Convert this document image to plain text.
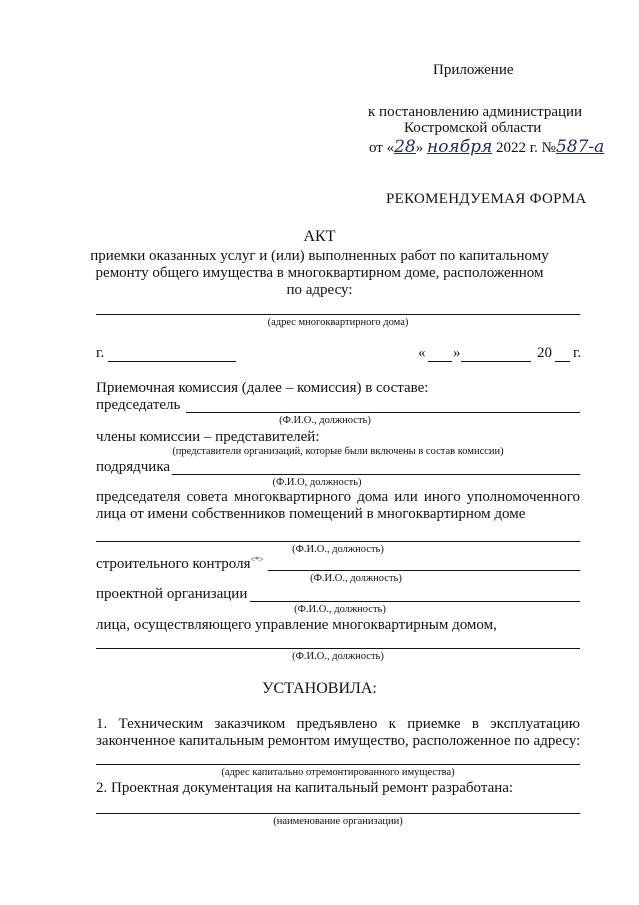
Приложение
к постановлению администрации
Костромской области
от «28» ноября 2022 г. №587-а
РЕКОМЕНДУЕМАЯ ФОРМА
АКТ
приемки оказанных услуг и (или) выполненных работ по капитальному
ремонту общего имущества в многоквартирном доме, расположенном
по адресу:
(адрес многоквартирного дома)
г.	« »	20 г.
Приемочная комиссия (далее – комиссия) в составе:
председатель
(Ф.И.О., должность)
члены комиссии – представителей:
(представители организаций, которые были включены в состав комиссии)
подрядчика
(Ф.И.О, должность)
председателя совета многоквартирного дома или иного уполномоченного
лица от имени собственников помещений в многоквартирном доме
(Ф.И.О., должность)
строительного контроля<*>
(Ф.И.О., должность)
проектной организации
(Ф.И.О., должность)
лица, осуществляющего управление многоквартирным домом,
(Ф.И.О., должность)
УСТАНОВИЛА:
1. Техническим заказчиком предъявлено к приемке в эксплуатацию
законченное капитальным ремонтом имущество, расположенное по адресу:
(адрес капитально отремонтированного имущества)
2. Проектная документация на капитальный ремонт разработана:
(наименование организации)
